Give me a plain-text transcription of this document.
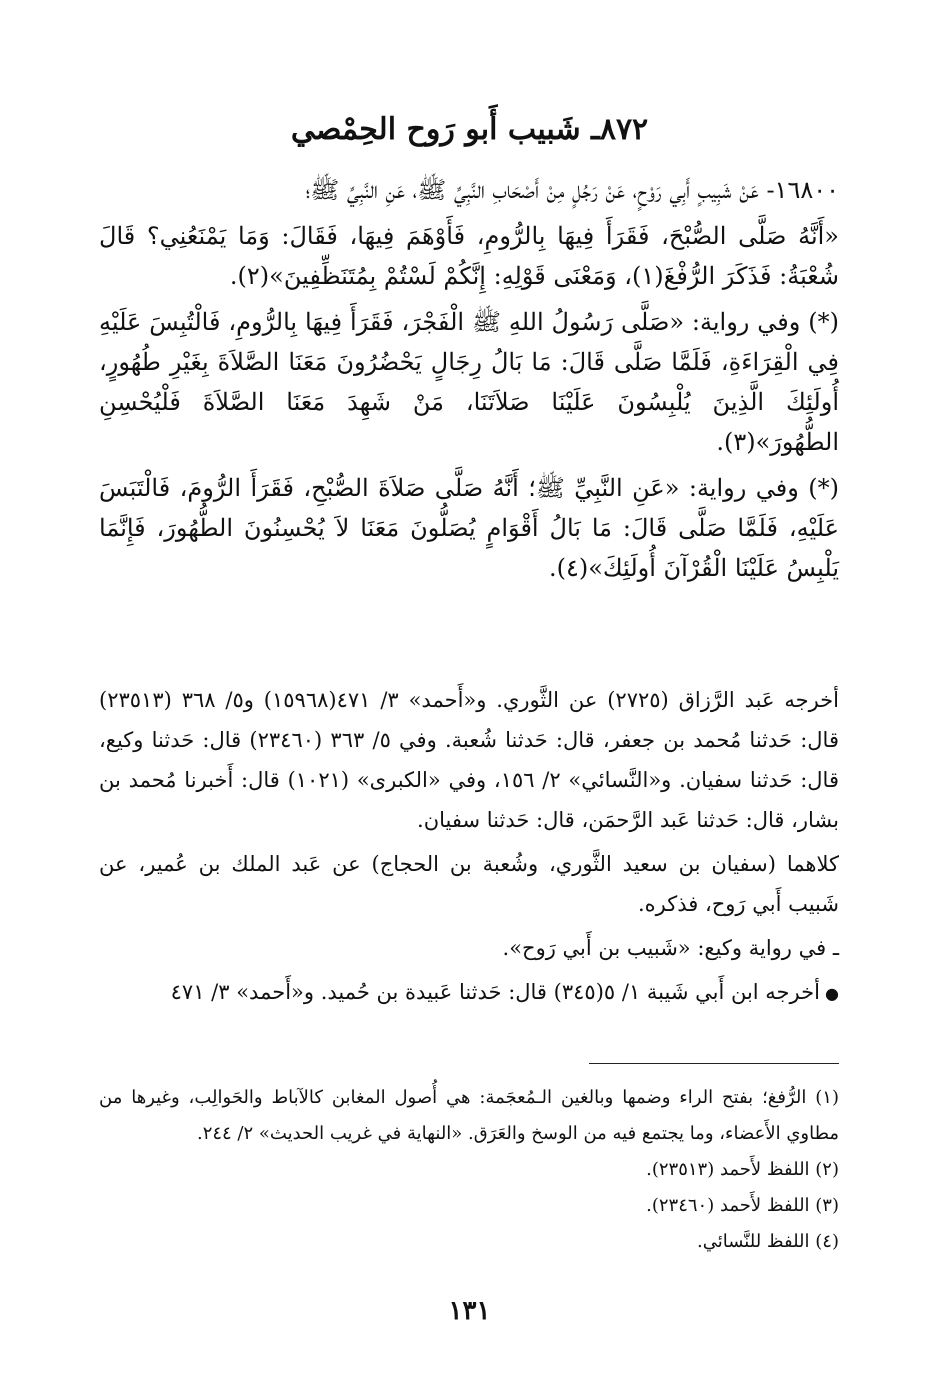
٨٧٢ـ شَبيب أَبو رَوح الحِمْصي

١٦٨٠٠- عَنْ شَبِيبٍ أَبِي رَوْحٍ، عَنْ رَجُلٍ مِنْ أَصْحَابِ النَّبِيِّ ﷺ، عَنِ النَّبِيِّ ﷺ؛

«أَنَّهُ صَلَّى الصُّبْحَ، فَقَرَأَ فِيهَا بِالرُّومِ، فَأَوْهَمَ فِيهَا، فَقَالَ: وَمَا يَمْنَعُنِي؟ قَالَ شُعْبَةُ: فَذَكَرَ الرُّفْغَ(١)، وَمَعْنَى قَوْلِهِ: إِنَّكُمْ لَسْتُمْ بِمُتَنَظِّفِينَ»(٢).

(*) وفي رواية: «صَلَّى رَسُولُ اللهِ ﷺ الْفَجْرَ، فَقَرَأَ فِيهَا بِالرُّومِ، فَالْتُبِسَ عَلَيْهِ فِي الْقِرَاءَةِ، فَلَمَّا صَلَّى قَالَ: مَا بَالُ رِجَالٍ يَحْضُرُونَ مَعَنَا الصَّلاَةَ بِغَيْرِ طُهُورٍ، أُولَئِكَ الَّذِينَ يُلْبِسُونَ عَلَيْنَا صَلاَتَنَا، مَنْ شَهِدَ مَعَنَا الصَّلاَةَ فَلْيُحْسِنِ الطُّهُورَ»(٣).

(*) وفي رواية: «عَنِ النَّبِيِّ ﷺ؛ أَنَّهُ صَلَّى صَلاَةَ الصُّبْحِ، فَقَرَأَ الرُّومَ، فَالْتَبَسَ عَلَيْهِ، فَلَمَّا صَلَّى قَالَ: مَا بَالُ أَقْوَامٍ يُصَلُّونَ مَعَنَا لاَ يُحْسِنُونَ الطُّهُورَ، فَإِنَّمَا يَلْبِسُ عَلَيْنَا الْقُرْآنَ أُولَئِكَ»(٤).

أخرجه عَبد الرَّزاق (٢٧٢٥) عن الثَّوري. و«أَحمد» ٣/ ٤٧١(١٥٩٦٨) و٥/ ٣٦٨ (٢٣٥١٣) قال: حَدثنا مُحمد بن جعفر، قال: حَدثنا شُعبة. وفي ٥/ ٣٦٣ (٢٣٤٦٠) قال: حَدثنا وكيع، قال: حَدثنا سفيان. و«النَّسائي» ٢/ ١٥٦، وفي «الكبرى» (١٠٢١) قال: أَخبرنا مُحمد بن بشار، قال: حَدثنا عَبد الرَّحمَن، قال: حَدثنا سفيان.

كلاهما (سفيان بن سعيد الثَّوري، وشُعبة بن الحجاج) عن عَبد الملك بن عُمير، عن شَبيب أَبي رَوح، فذكره.

ـ في رواية وكيع: «شَبيب بن أَبي رَوح».

● أخرجه ابن أَبي شَيبة ١/ ٥(٣٤٥) قال: حَدثنا عَبيدة بن حُميد. و«أَحمد» ٣/ ٤٧١

(١) الرُّفغ؛ بفتح الراء وضمها وبالغين الـمُعجَمة: هي أُصول المغابن كالآباط والحَوالِب، وغيرها من مطاوي الأَعضاء، وما يجتمع فيه من الوسخ والعَرَق. «النهاية في غريب الحديث» ٢/ ٢٤٤.

(٢) اللفظ لأَحمد (٢٣٥١٣).

(٣) اللفظ لأَحمد (٢٣٤٦٠).

(٤) اللفظ للنَّسائي.

١٣١
